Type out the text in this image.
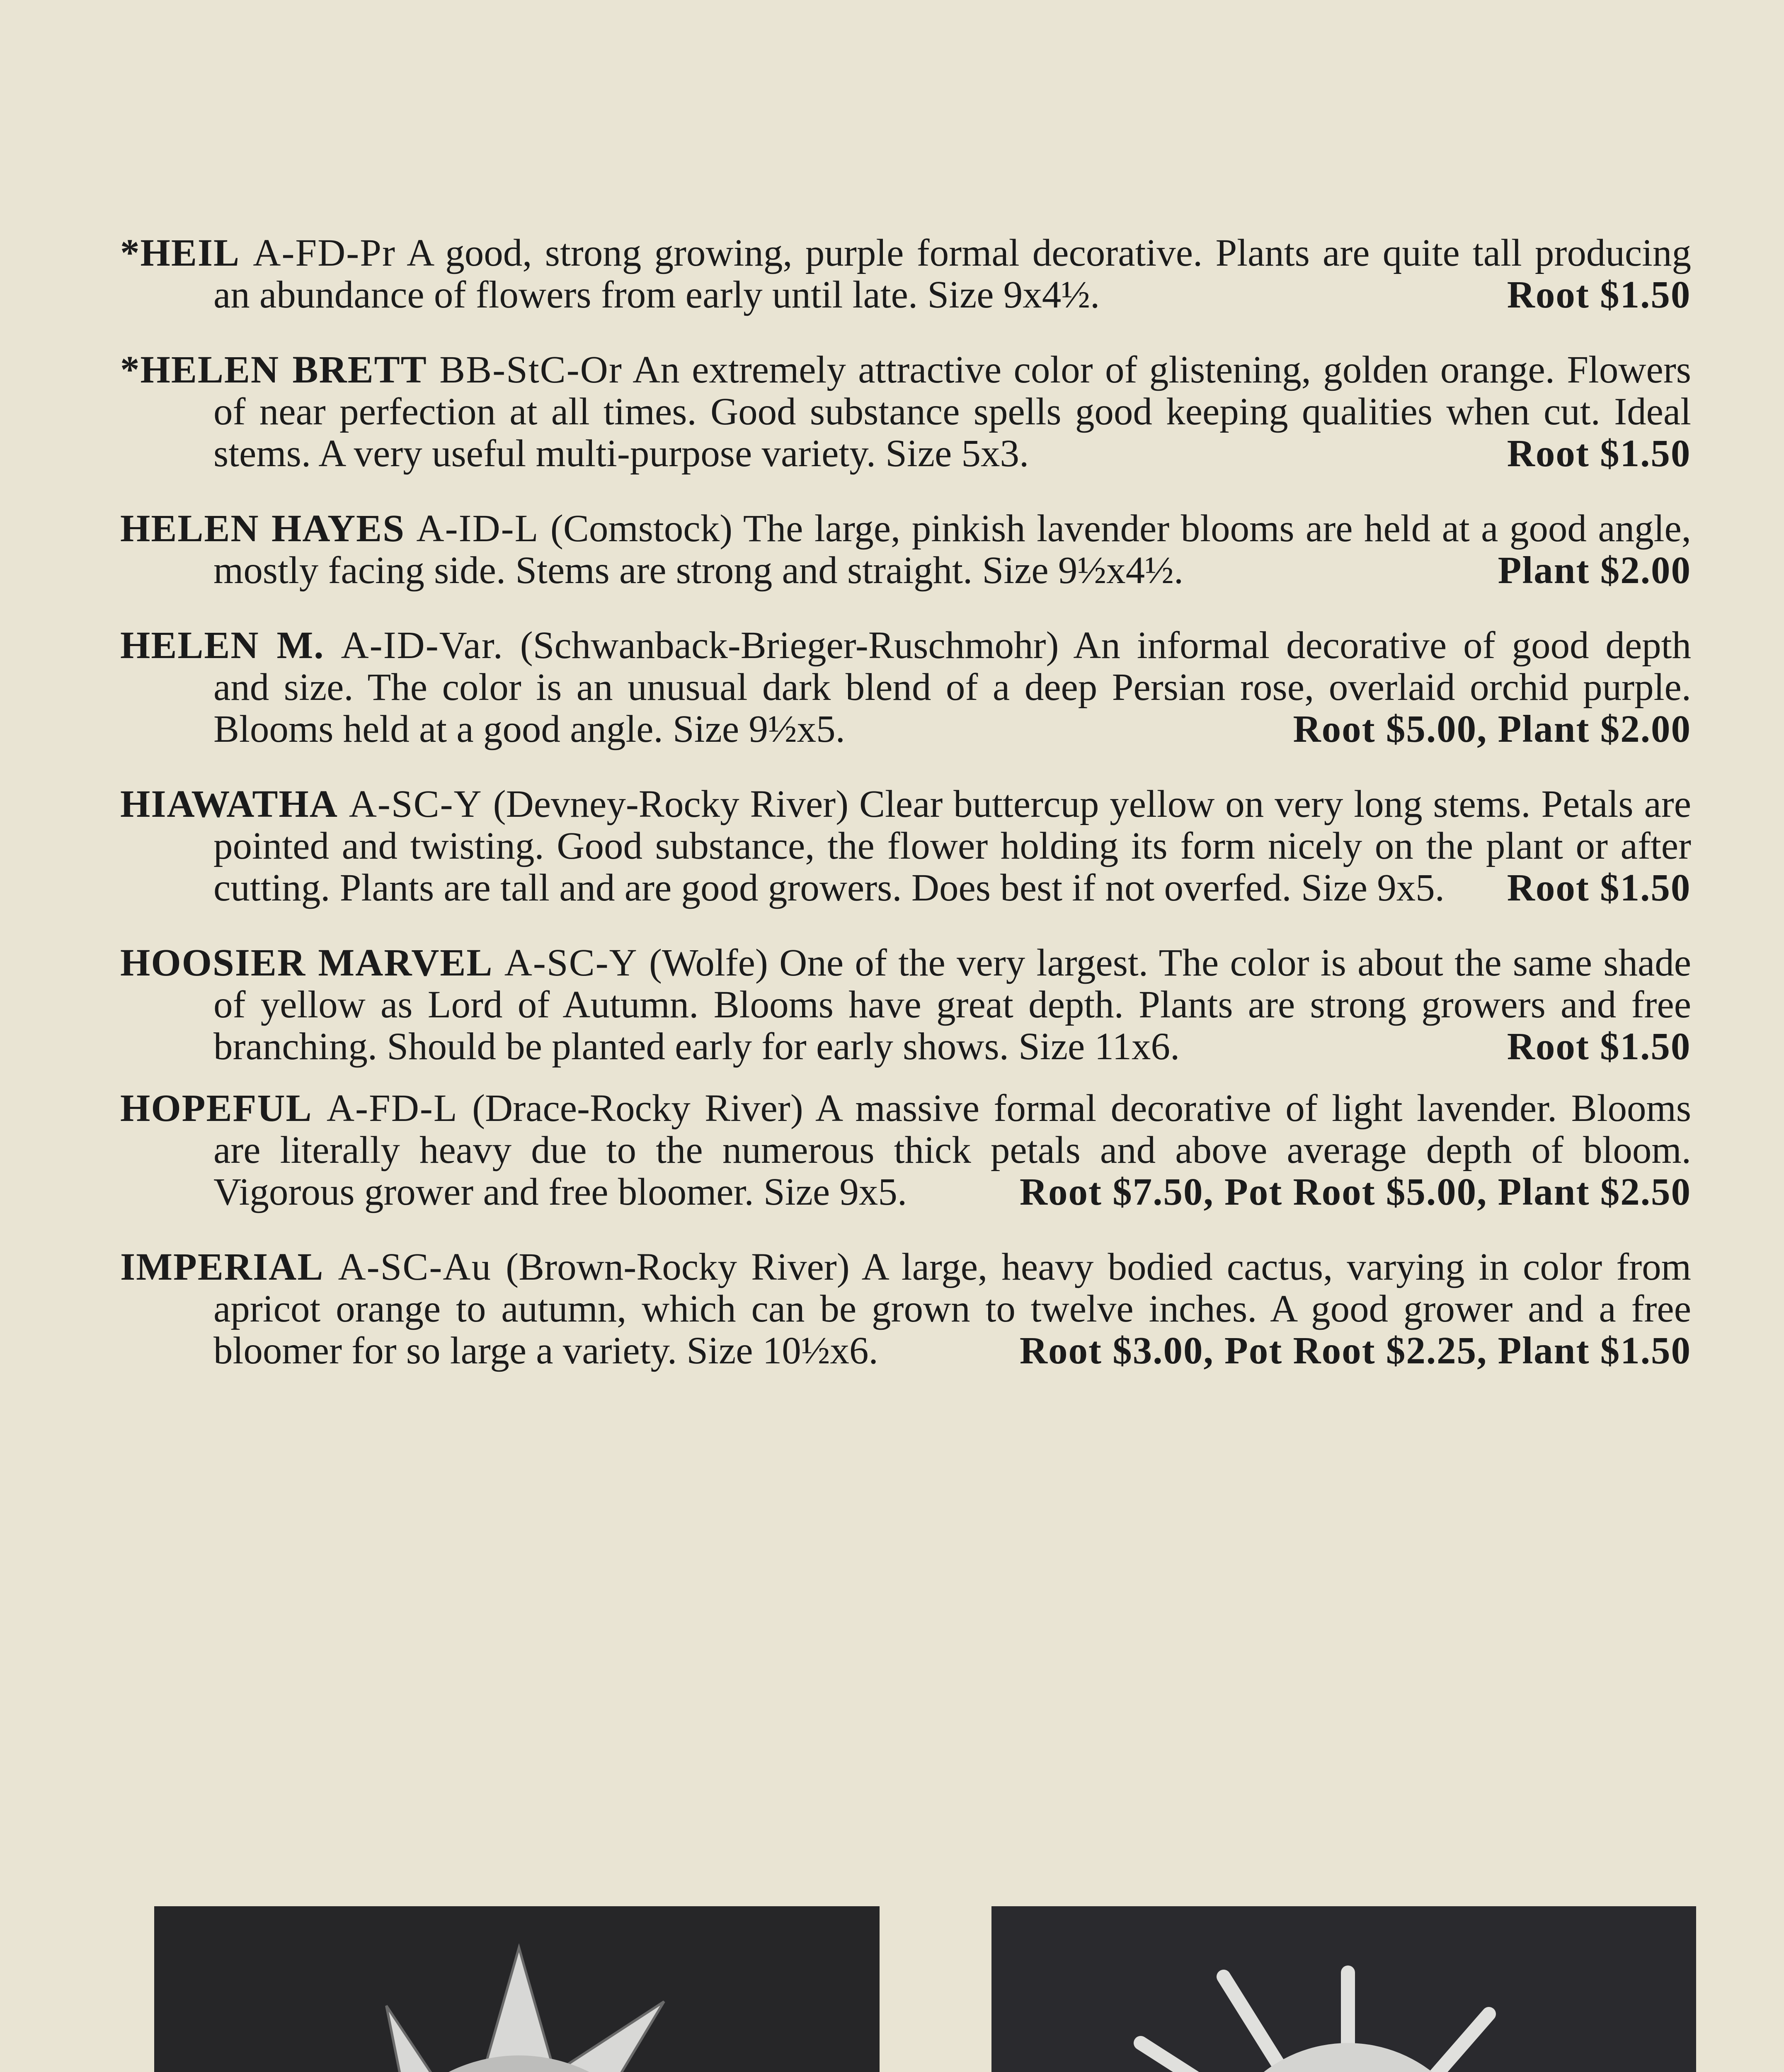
*HEIL A-FD-Pr A good, strong growing, purple formal decorative. Plants are quite tall producing an abundance of flowers from early until late. Size 9x4½.	Root $1.50
*HELEN BRETT BB-StC-Or An extremely attractive color of glistening, golden orange. Flowers of near perfection at all times. Good substance spells good keeping qualities when cut. Ideal stems. A very useful multi-purpose variety. Size 5x3.	Root $1.50
HELEN HAYES A-ID-L (Comstock) The large, pinkish lavender blooms are held at a good angle, mostly facing side. Stems are strong and straight. Size 9½x4½.	Plant $2.00
HELEN M. A-ID-Var. (Schwanback-Brieger-Ruschmohr) An informal decorative of good depth and size. The color is an unusual dark blend of a deep Persian rose, overlaid orchid purple. Blooms held at a good angle. Size 9½x5.	Root $5.00, Plant $2.00
HIAWATHA A-SC-Y (Devney-Rocky River) Clear buttercup yellow on very long stems. Petals are pointed and twisting. Good substance, the flower holding its form nicely on the plant or after cutting. Plants are tall and are good growers. Does best if not overfed. Size 9x5. Root $1.50
HOOSIER MARVEL A-SC-Y (Wolfe) One of the very largest. The color is about the same shade of yellow as Lord of Autumn. Blooms have great depth. Plants are strong growers and free branching. Should be planted early for early shows. Size 11x6.	Root $1.50
HOPEFUL A-FD-L (Drace-Rocky River) A massive formal decorative of light lavender. Blooms are literally heavy due to the numerous thick petals and above average depth of bloom. Vigorous grower and free bloomer. Size 9x5.	Root $7.50, Pot Root $5.00, Plant $2.50
IMPERIAL A-SC-Au (Brown-Rocky River) A large, heavy bodied cactus, varying in color from apricot orange to autumn, which can be grown to twelve inches. A good grower and a free bloomer for so large a variety. Size 10½x6.	Root $3.00, Pot Root $2.25, Plant $1.50
